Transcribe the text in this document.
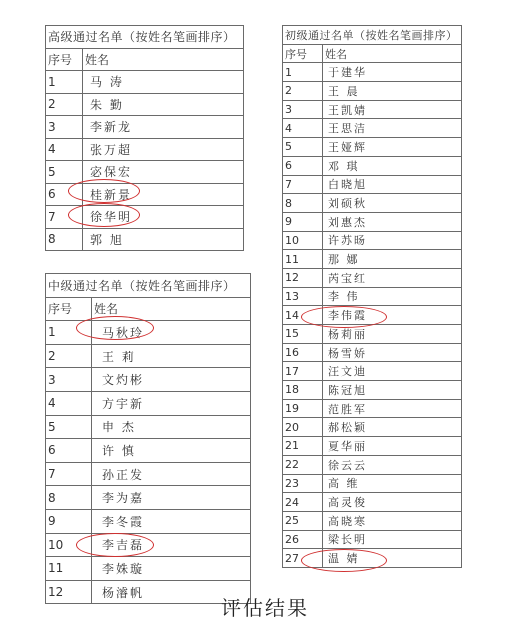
高级通过名单（按姓名笔画排序）	
序号	姓名
1	马 涛
2	朱 勤
3	李新龙
4	张万超
5	宓保宏
6	桂新景
7	徐华明
8	郭 旭
中级通过名单（按姓名笔画排序）	
序号	姓名
1	马秋玲
2	王 莉
3	文灼彬
4	方宇新
5	申 杰
6	许 慎
7	孙正发
8	李为嘉
9	李冬霞
10	李吉磊
11	李姝璇
12	杨濬帆
初级通过名单（按姓名笔画排序）	
序号	姓名
1	于建华
2	王 晨
3	王凯婧
4	王思洁
5	王娅辉
6	邓 琪
7	白晓旭
8	刘硕秋
9	刘惠杰
10	许苏旸
11	那 娜
12	芮宝红
13	李 伟
14	李伟霞
15	杨莉丽
16	杨雪娇
17	汪文迪
18	陈冠旭
19	范胜军
20	郝松颖
21	夏华丽
22	徐云云
23	高 维
24	高灵俊
25	高晓寒
26	梁长明
27	温 婧
评估结果
